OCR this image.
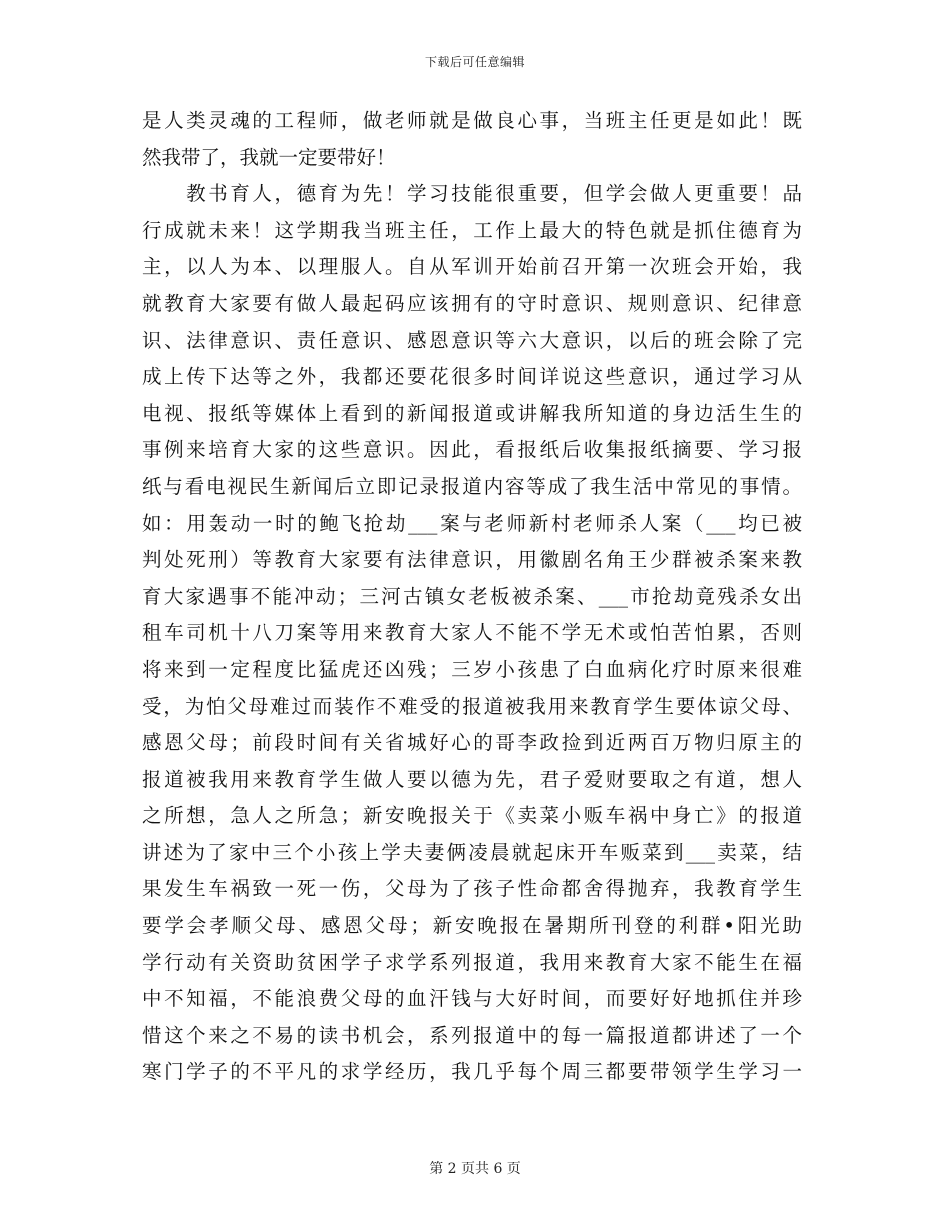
下载后可任意编辑
是人类灵魂的工程师，做老师就是做良心事，当班主任更是如此！既
然我带了，我就一定要带好！
　　教书育人，德育为先！学习技能很重要，但学会做人更重要！品
行成就未来！这学期我当班主任，工作上最大的特色就是抓住德育为
主，以人为本、以理服人。自从军训开始前召开第一次班会开始，我
就教育大家要有做人最起码应该拥有的守时意识、规则意识、纪律意
识、法律意识、责任意识、感恩意识等六大意识，以后的班会除了完
成上传下达等之外，我都还要花很多时间详说这些意识，通过学习从
电视、报纸等媒体上看到的新闻报道或讲解我所知道的身边活生生的
事例来培育大家的这些意识。因此，看报纸后收集报纸摘要、学习报
纸与看电视民生新闻后立即记录报道内容等成了我生活中常见的事情。
如：用轰动一时的鲍飞抢劫___案与老师新村老师杀人案（___均已被
判处死刑）等教育大家要有法律意识，用徽剧名角王少群被杀案来教
育大家遇事不能冲动；三河古镇女老板被杀案、___市抢劫竟残杀女出
租车司机十八刀案等用来教育大家人不能不学无术或怕苦怕累，否则
将来到一定程度比猛虎还凶残；三岁小孩患了白血病化疗时原来很难
受，为怕父母难过而装作不难受的报道被我用来教育学生要体谅父母、
感恩父母；前段时间有关省城好心的哥李政捡到近两百万物归原主的
报道被我用来教育学生做人要以德为先，君子爱财要取之有道，想人
之所想，急人之所急；新安晚报关于《卖菜小贩车祸中身亡》的报道
讲述为了家中三个小孩上学夫妻俩凌晨就起床开车贩菜到___卖菜，结
果发生车祸致一死一伤，父母为了孩子性命都舍得抛弃，我教育学生
要学会孝顺父母、感恩父母；新安晚报在暑期所刊登的利群•阳光助
学行动有关资助贫困学子求学系列报道，我用来教育大家不能生在福
中不知福，不能浪费父母的血汗钱与大好时间，而要好好地抓住并珍
惜这个来之不易的读书机会，系列报道中的每一篇报道都讲述了一个
寒门学子的不平凡的求学经历，我几乎每个周三都要带领学生学习一
第 2 页共 6 页
